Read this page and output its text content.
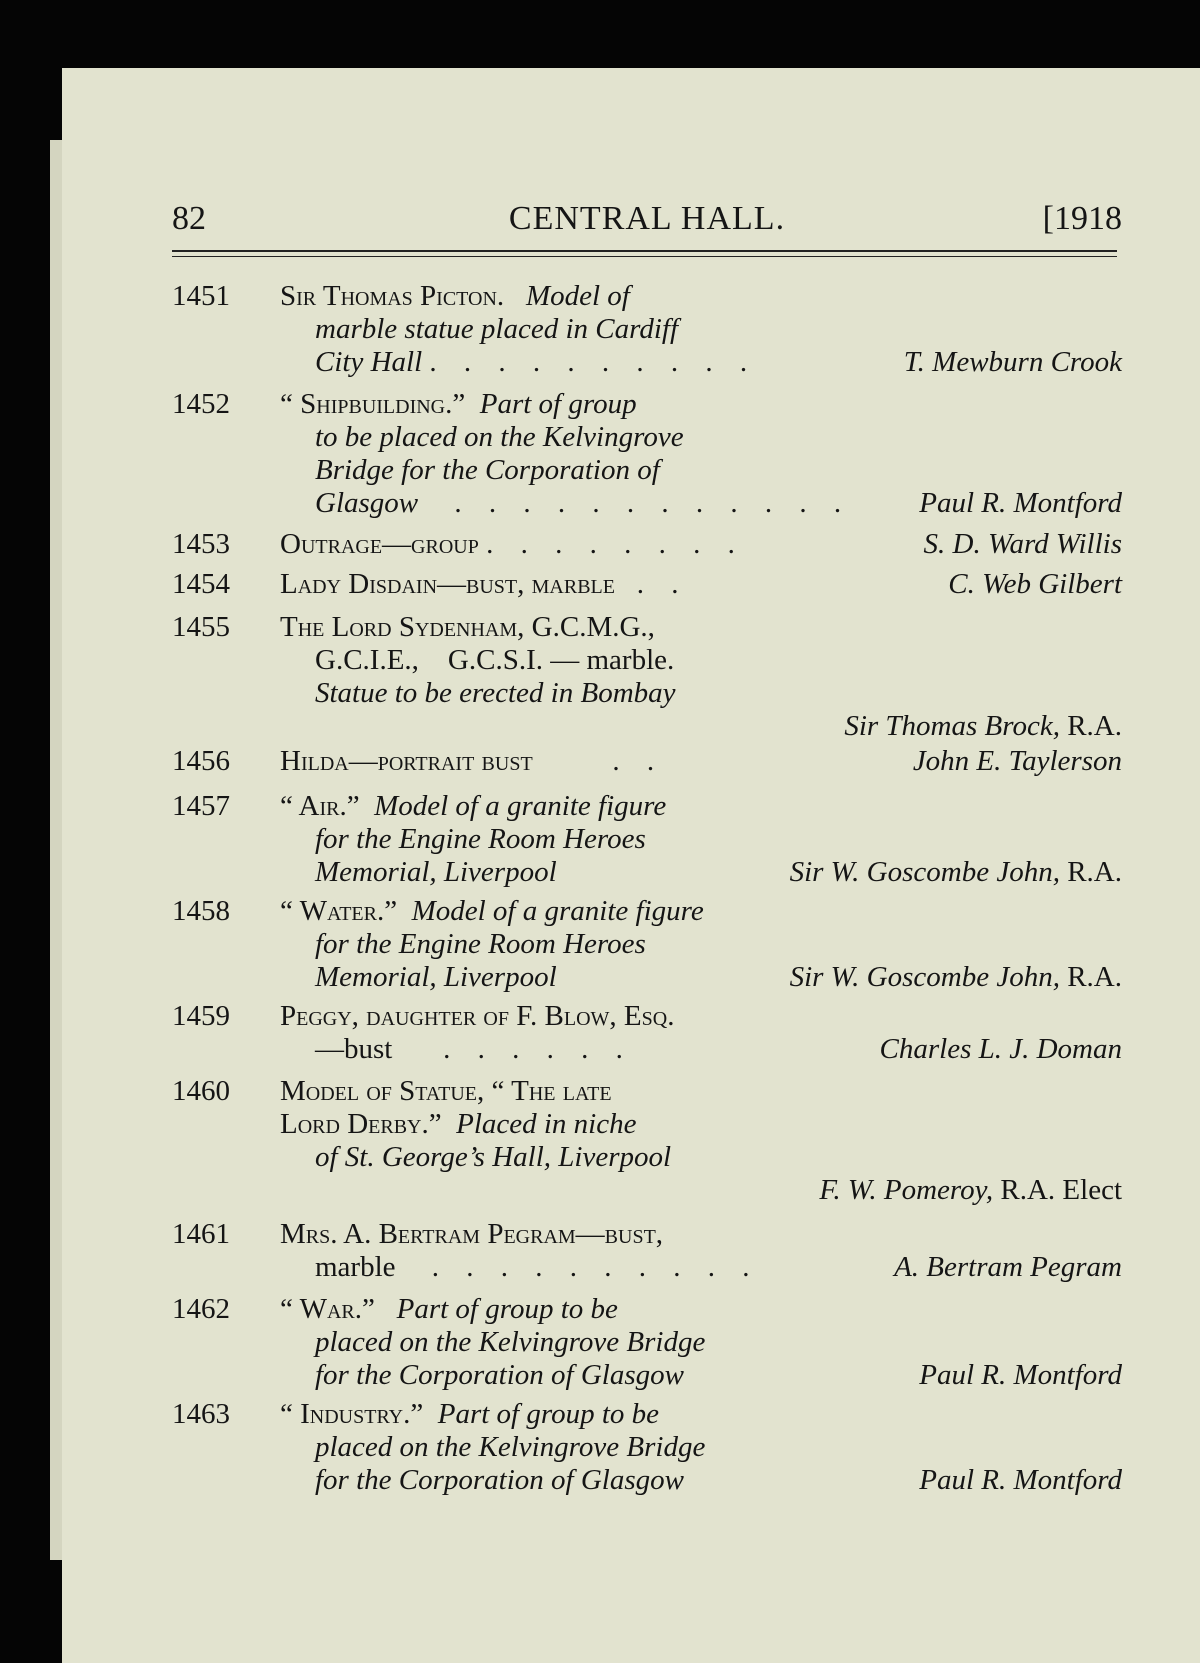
82	CENTRAL HALL.	[1918
1451 Sir Thomas Picton. Model of
marble statue placed in Cardiff
City Hall . . . . . . . . . .	T. Mewburn Crook
1452 “ Shipbuilding.” Part of group
to be placed on the Kelvingrove
Bridge for the Corporation of
Glasgow . . . . . . . . . . . . Paul R. Montford
1453 Outrage—group . . . . . . . .	S. D. Ward Willis
1454 Lady Disdain—bust, marble . .	C. Web Gilbert
1455 The Lord Sydenham, G.C.M.G.,
G.C.I.E.,    G.C.S.I. — marble.
Statue to be erected in Bombay
Sir Thomas Brock, R.A.
1456 Hilda—portrait bust	. .	John E. Taylerson
1457 “ Air.” Model of a granite figure
for the Engine Room Heroes
Memorial, Liverpool	Sir W. Goscombe John, R.A.
1458 “ Water.” Model of a granite figure
for the Engine Room Heroes
Memorial, Liverpool	Sir W. Goscombe John, R.A.
1459 Peggy, daughter of F. Blow, Esq.
—bust . . . . . .	Charles L. J. Doman
1460 Model of Statue, “ The late
Lord Derby.” Placed in niche
of St. George’s Hall, Liverpool
F. W. Pomeroy, R.A. Elect
1461 Mrs. A. Bertram Pegram—bust,
marble . . . . . . . . . .	A. Bertram Pegram
1462 “ War.” Part of group to be
placed on the Kelvingrove Bridge
for the Corporation of Glasgow	Paul R. Montford
1463 “ Industry.” Part of group to be
placed on the Kelvingrove Bridge
for the Corporation of Glasgow	Paul R. Montford
